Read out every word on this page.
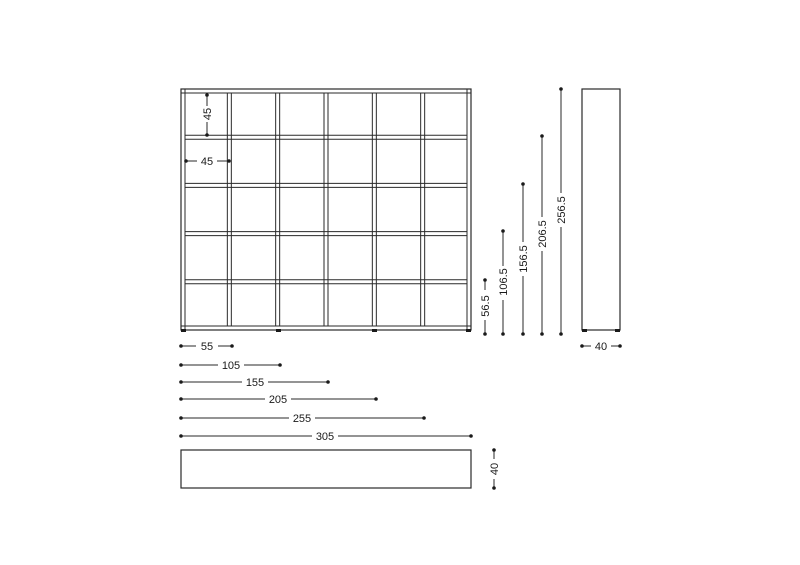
45
45
55
105
155
205
255
305
40
56.5
106.5
156.5
206.5
256.5
40
